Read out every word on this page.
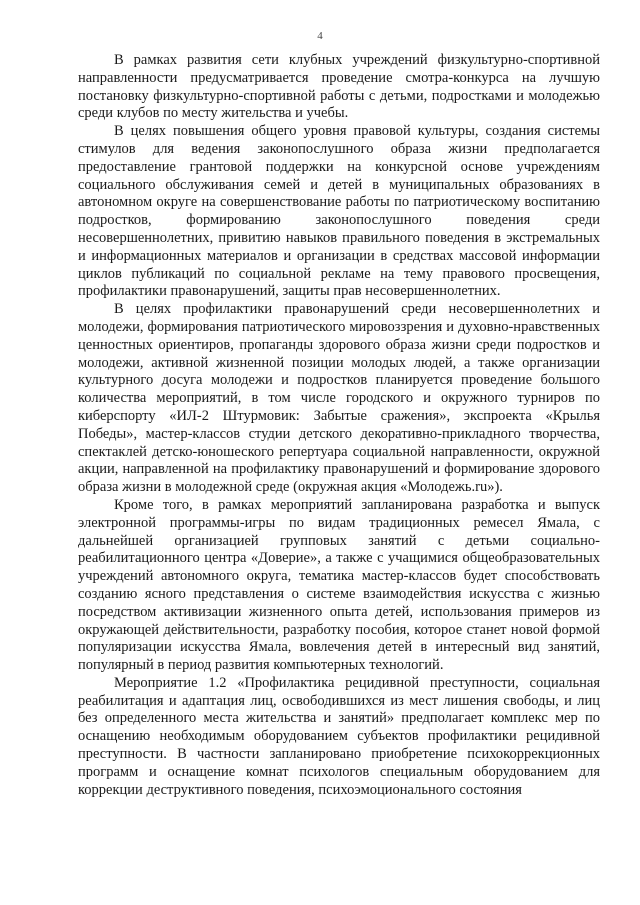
4

В рамках развития сети клубных учреждений физкультурно-спортивной направленности предусматривается проведение смотра-конкурса на лучшую постановку физкультурно-спортивной работы с детьми, подростками и молодежью среди клубов по месту жительства и учебы.

В целях повышения общего уровня правовой культуры, создания системы стимулов для ведения законопослушного образа жизни предполагается предоставление грантовой поддержки на конкурсной основе учреждениям социального обслуживания семей и детей в муниципальных образованиях в автономном округе на совершенствование работы по патриотическому воспитанию подростков, формированию законопослушного поведения среди несовершеннолетних, привитию навыков правильного поведения в экстремальных и информационных материалов и организации в средствах массовой информации циклов публикаций по социальной рекламе на тему правового просвещения, профилактики правонарушений, защиты прав несовершеннолетних.

В целях профилактики правонарушений среди несовершеннолетних и молодежи, формирования патриотического мировоззрения и духовно-нравственных ценностных ориентиров, пропаганды здорового образа жизни среди подростков и молодежи, активной жизненной позиции молодых людей, а также организации культурного досуга молодежи и подростков планируется проведение большого количества мероприятий, в том числе городского и окружного турниров по киберспорту «ИЛ-2 Штурмовик: Забытые сражения», экспроекта «Крылья Победы», мастер-классов студии детского декоративно-прикладного творчества, спектаклей детско-юношеского репертуара социальной направленности, окружной акции, направленной на профилактику правонарушений и формирование здорового образа жизни в молодежной среде (окружная акция «Молодежь.ru»).

Кроме того, в рамках мероприятий запланирована разработка и выпуск электронной программы-игры по видам традиционных ремесел Ямала, с дальнейшей организацией групповых занятий с детьми социально-реабилитационного центра «Доверие», а также с учащимися общеобразовательных учреждений автономного округа, тематика мастер-классов будет способствовать созданию ясного представления о системе взаимодействия искусства с жизнью посредством активизации жизненного опыта детей, использования примеров из окружающей действительности, разработку пособия, которое станет новой формой популяризации искусства Ямала, вовлечения детей в интересный вид занятий, популярный в период развития компьютерных технологий.

Мероприятие 1.2 «Профилактика рецидивной преступности, социальная реабилитация и адаптация лиц, освободившихся из мест лишения свободы, и лиц без определенного места жительства и занятий» предполагает комплекс мер по оснащению необходимым оборудованием субъектов профилактики рецидивной преступности. В частности запланировано приобретение психокоррекционных программ и оснащение комнат психологов специальным оборудованием для коррекции деструктивного поведения, психоэмоционального состояния
